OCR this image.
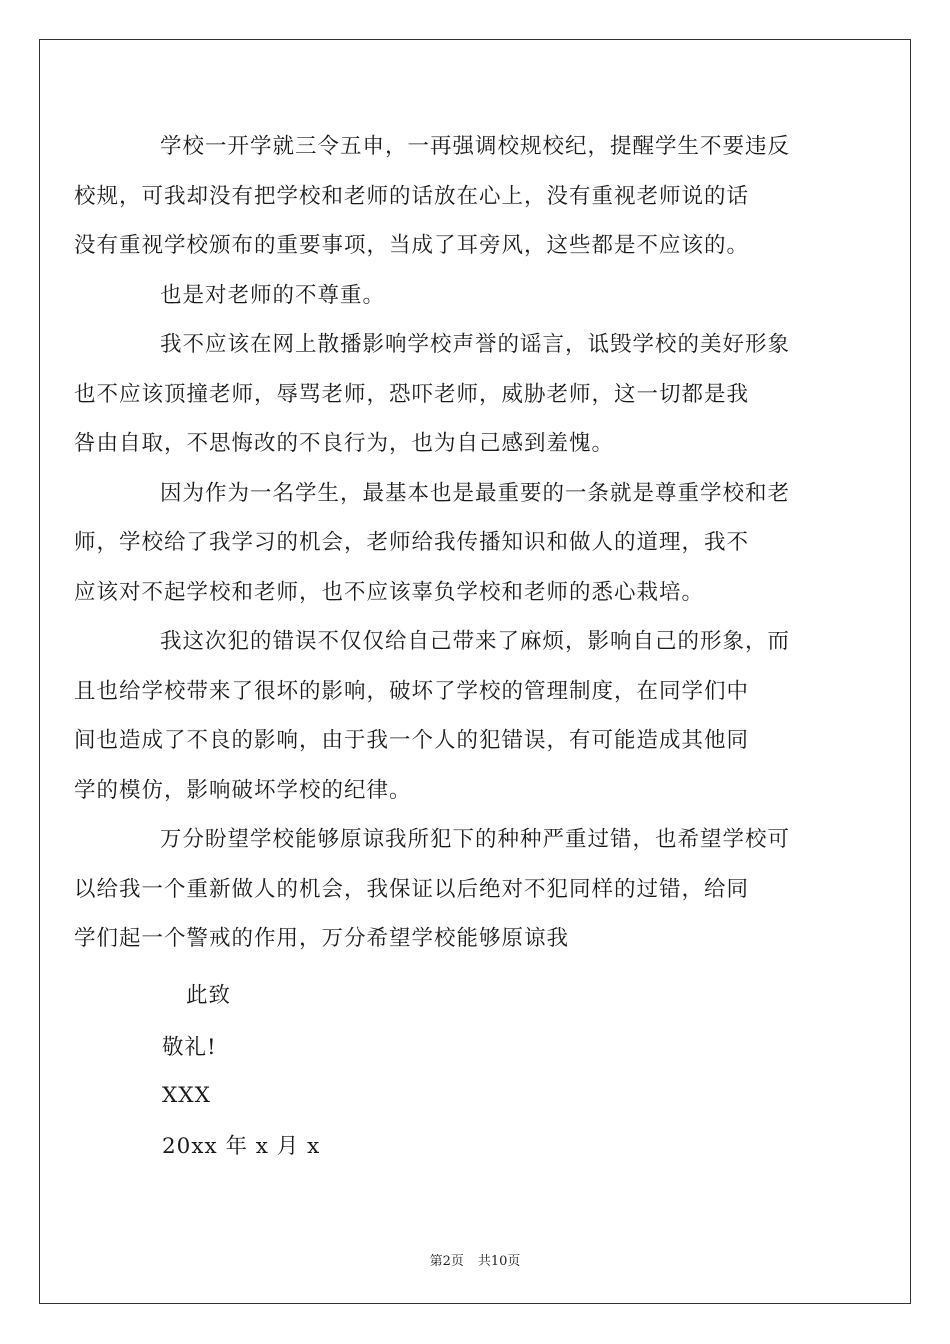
学校一开学就三令五申，一再强调校规校纪，提醒学生不要违反
校规，可我却没有把学校和老师的话放在心上，没有重视老师说的话
没有重视学校颁布的重要事项，当成了耳旁风，这些都是不应该的。

也是对老师的不尊重。

我不应该在网上散播影响学校声誉的谣言，诋毁学校的美好形象
也不应该顶撞老师，辱骂老师，恐吓老师，威胁老师，这一切都是我
咎由自取，不思悔改的不良行为，也为自己感到羞愧。

因为作为一名学生，最基本也是最重要的一条就是尊重学校和老
师，学校给了我学习的机会，老师给我传播知识和做人的道理，我不
应该对不起学校和老师，也不应该辜负学校和老师的悉心栽培。

我这次犯的错误不仅仅给自己带来了麻烦，影响自己的形象，而
且也给学校带来了很坏的影响，破坏了学校的管理制度，在同学们中
间也造成了不良的影响，由于我一个人的犯错误，有可能造成其他同
学的模仿，影响破坏学校的纪律。

万分盼望学校能够原谅我所犯下的种种严重过错，也希望学校可
以给我一个重新做人的机会，我保证以后绝对不犯同样的过错，给同
学们起一个警戒的作用，万分希望学校能够原谅我

此致
敬礼!
XXX
20xx 年 x 月 x
第2页 共10页
